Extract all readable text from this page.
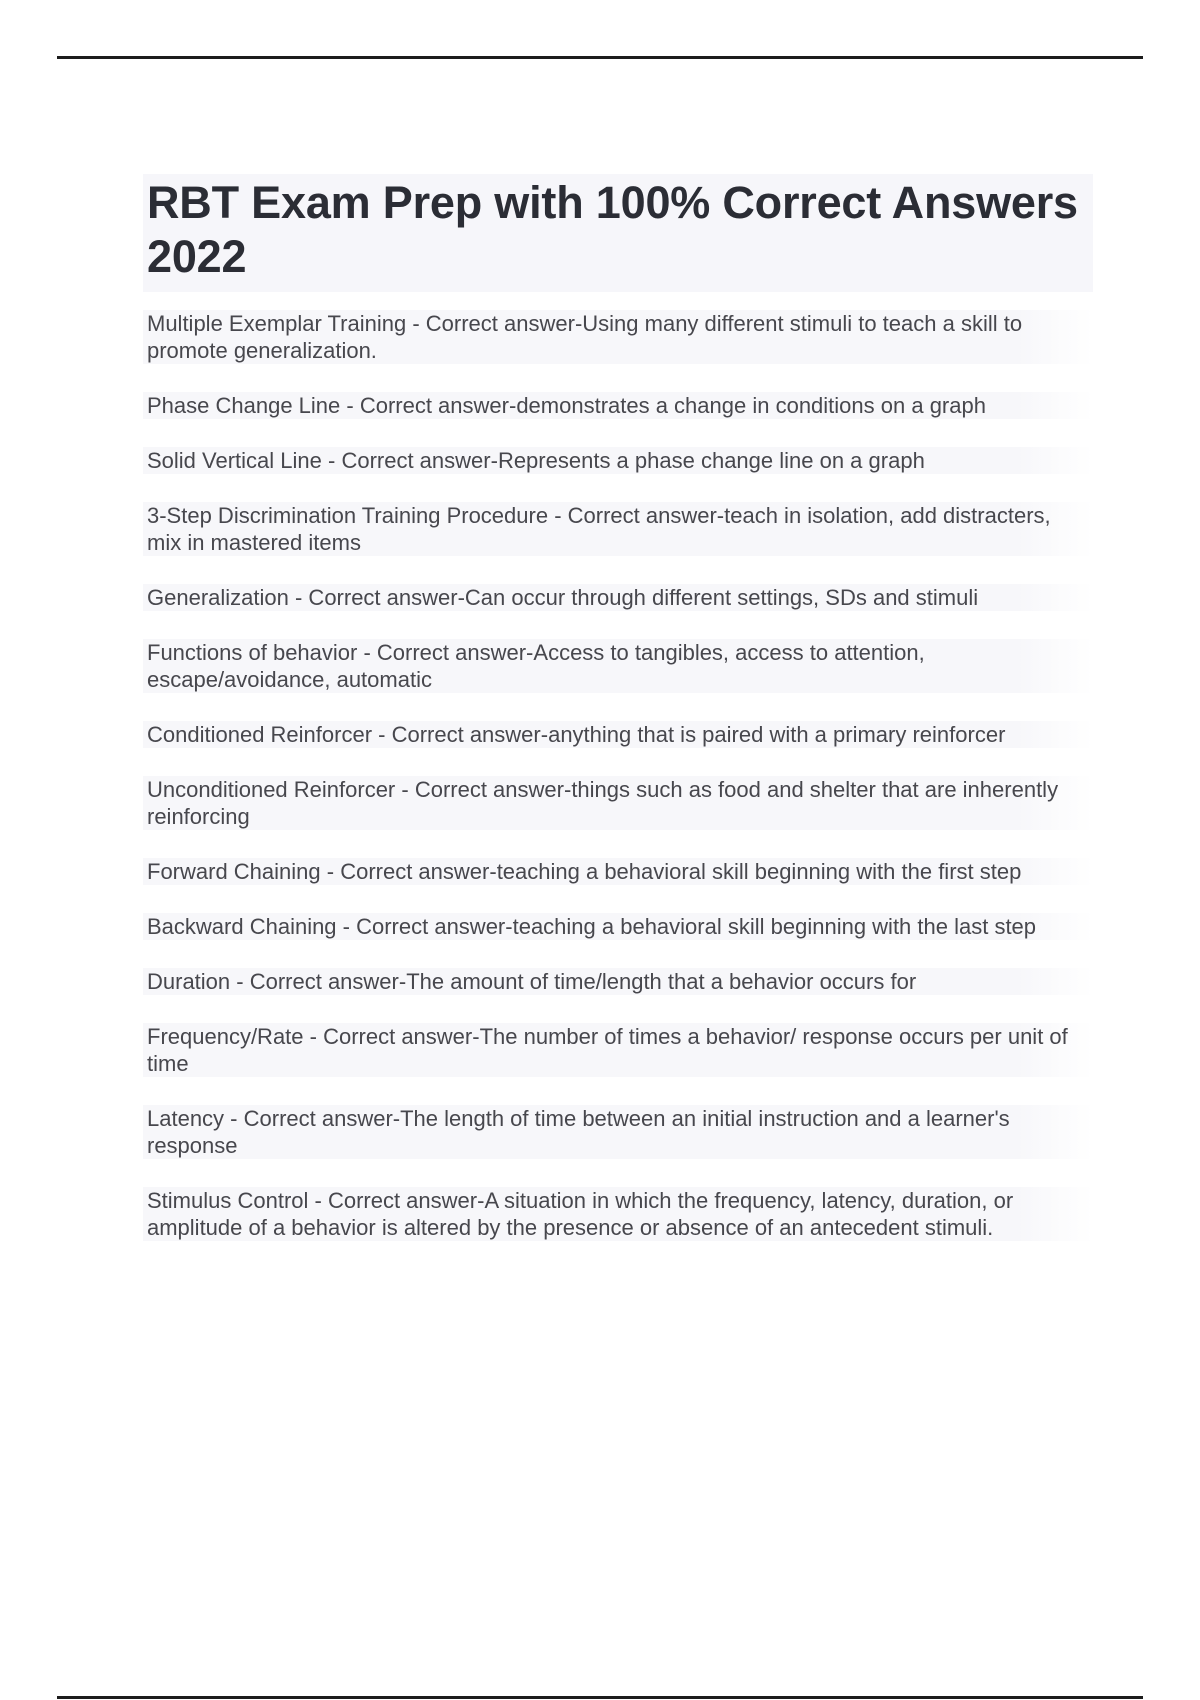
RBT Exam Prep with 100% Correct Answers 2022
Multiple Exemplar Training - Correct answer-Using many different stimuli to teach a skill to promote generalization.
Phase Change Line - Correct answer-demonstrates a change in conditions on a graph
Solid Vertical Line - Correct answer-Represents a phase change line on a graph
3-Step Discrimination Training Procedure - Correct answer-teach in isolation, add distracters, mix in mastered items
Generalization - Correct answer-Can occur through different settings, SDs and stimuli
Functions of behavior - Correct answer-Access to tangibles, access to attention, escape/avoidance, automatic
Conditioned Reinforcer - Correct answer-anything that is paired with a primary reinforcer
Unconditioned Reinforcer - Correct answer-things such as food and shelter that are inherently reinforcing
Forward Chaining - Correct answer-teaching a behavioral skill beginning with the first step
Backward Chaining - Correct answer-teaching a behavioral skill beginning with the last step
Duration - Correct answer-The amount of time/length that a behavior occurs for
Frequency/Rate - Correct answer-The number of times a behavior/ response occurs per unit of time
Latency - Correct answer-The length of time between an initial instruction and a learner's response
Stimulus Control - Correct answer-A situation in which the frequency, latency, duration, or amplitude of a behavior is altered by the presence or absence of an antecedent stimuli.
